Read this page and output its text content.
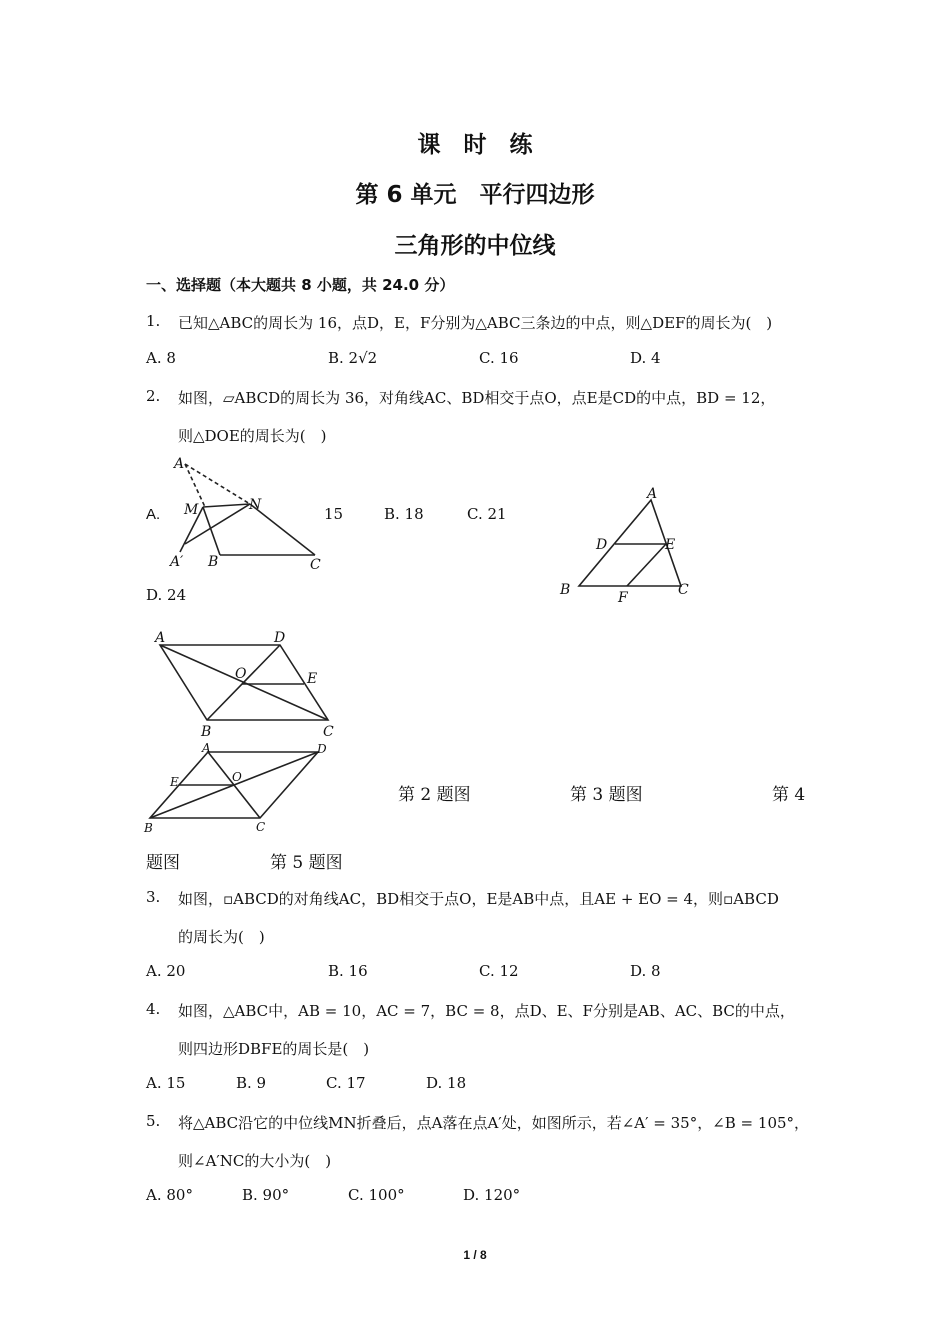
课　时　练
第 6 单元　平行四边形
三角形的中位线
一、选择题（本大题共 8 小题，共 24.0 分）
1. 已知△ABC的周长为 16，点D，E，F分别为△ABC三条边的中点，则△DEF的周长为(　)
A. 8	B. 2√2	C. 16	D. 4
2. 如图，▱ABCD的周长为 36，对角线AC、BD相交于点O，点E是CD的中点，BD = 12，
则△DOE的周长为(　)
A.
A
M	N
A′ B	C
15	B. 18	C. 21
A
D	E
B	F	C
D. 24
A	D
O	E
B	C
A	D
E	O
B	C
第 2 题图	第 3 题图	第 4
题图	第 5 题图
3. 如图，▫ABCD的对角线AC，BD相交于点O，E是AB中点，且AE + EO = 4，则▫ABCD
的周长为(　)
A. 20	B. 16	C. 12	D. 8
4. 如图，△ABC中，AB = 10，AC = 7，BC = 8，点D、E、F分别是AB、AC、BC的中点，
则四边形DBFE的周长是(　)
A. 15	B. 9	C. 17	D. 18
5. 将△ABC沿它的中位线MN折叠后，点A落在点A′处，如图所示，若∠A′ = 35°，∠B = 105°，
则∠A′NC的大小为(　)
A. 80°	B. 90°	C. 100°	D. 120°
1 / 8
